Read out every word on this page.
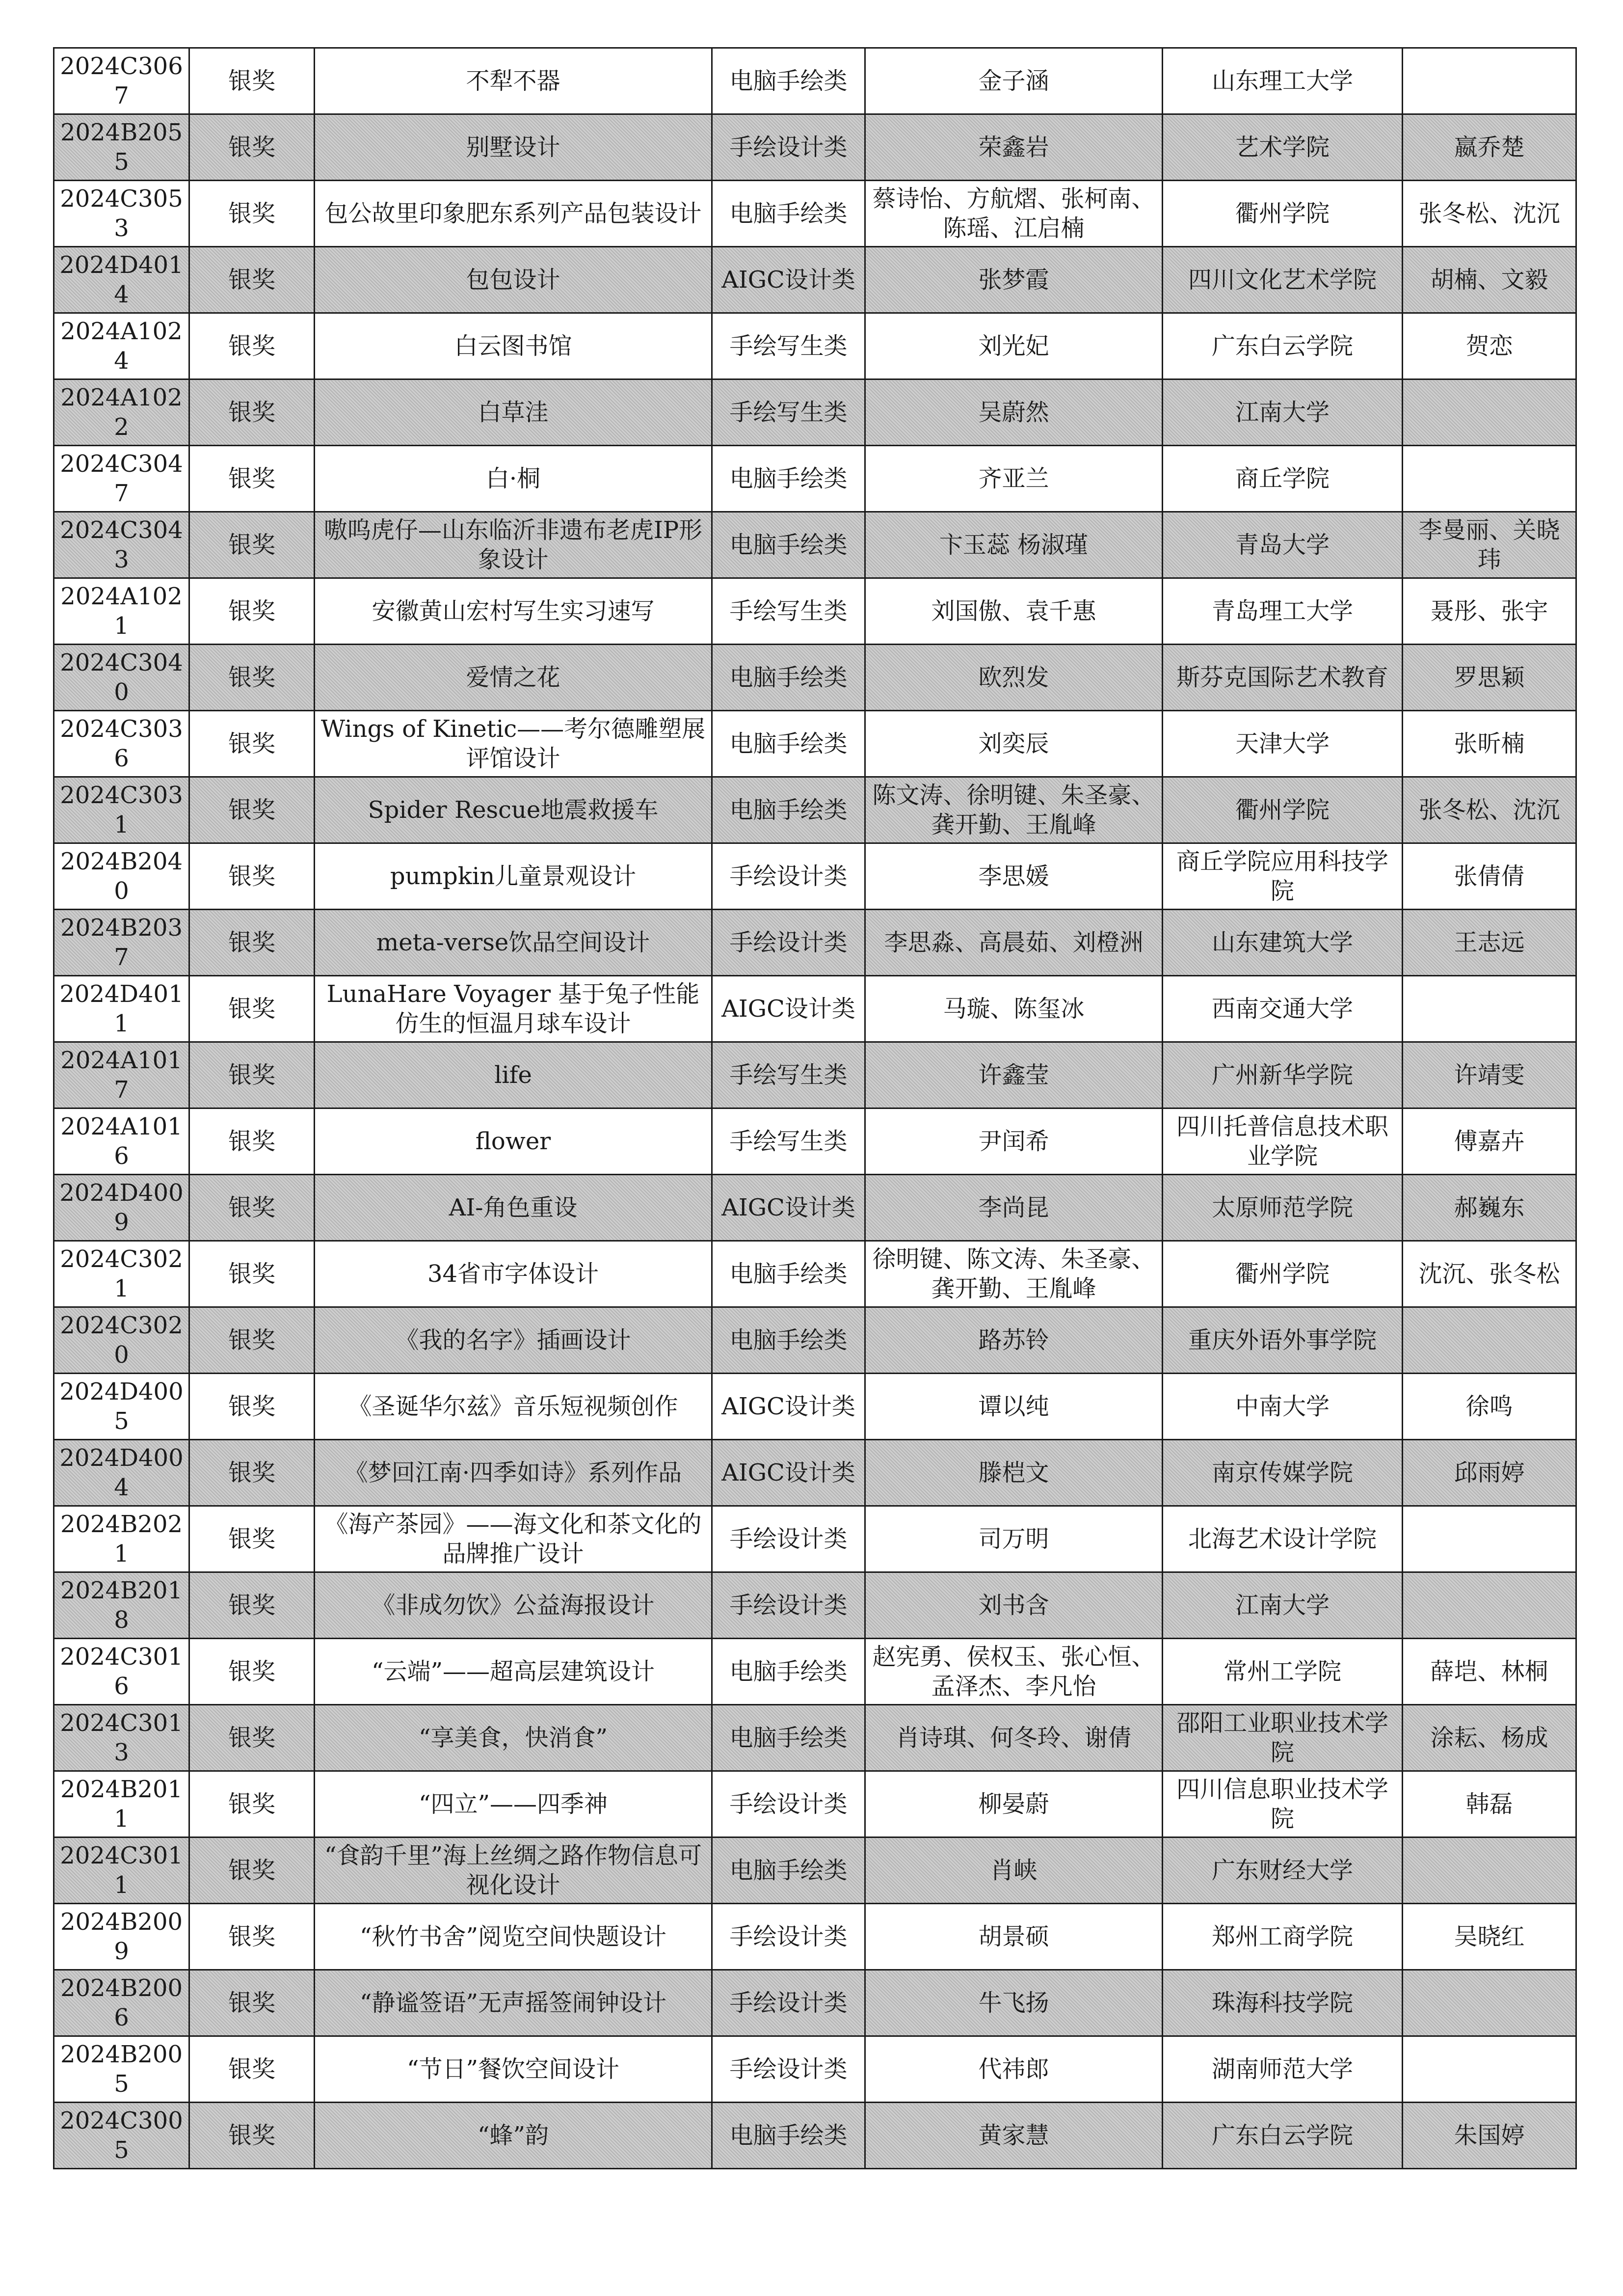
2024C3067	银奖	不犁不器	电脑手绘类	金子涵	山东理工大学	
2024B2055	银奖	别墅设计	手绘设计类	荣鑫岩	艺术学院	嬴乔楚
2024C3053	银奖	包公故里印象肥东系列产品包装设计	电脑手绘类	蔡诗怡、方航熠、张柯南、陈瑶、江启楠	衢州学院	张冬松、沈沉
2024D4014	银奖	包包设计	AIGC设计类	张梦霞	四川文化艺术学院	胡楠、文毅
2024A1024	银奖	白云图书馆	手绘写生类	刘光妃	广东白云学院	贺恋
2024A1022	银奖	白草洼	手绘写生类	吴蔚然	江南大学	
2024C3047	银奖	白·桐	电脑手绘类	齐亚兰	商丘学院	
2024C3043	银奖	嗷呜虎仔—山东临沂非遗布老虎IP形象设计	电脑手绘类	卞玉蕊 杨淑瑾	青岛大学	李曼丽、关晓玮
2024A1021	银奖	安徽黄山宏村写生实习速写	手绘写生类	刘国傲、袁千惠	青岛理工大学	聂彤、张宇
2024C3040	银奖	爱情之花	电脑手绘类	欧烈发	斯芬克国际艺术教育	罗思颖
2024C3036	银奖	Wings of Kinetic——考尔德雕塑展评馆设计	电脑手绘类	刘奕辰	天津大学	张昕楠
2024C3031	银奖	Spider Rescue地震救援车	电脑手绘类	陈文涛、徐明键、朱圣豪、龚开勤、王胤峰	衢州学院	张冬松、沈沉
2024B2040	银奖	pumpkin儿童景观设计	手绘设计类	李思媛	商丘学院应用科技学院	张倩倩
2024B2037	银奖	meta-verse饮品空间设计	手绘设计类	李思淼、高晨茹、刘橙洲	山东建筑大学	王志远
2024D4011	银奖	LunaHare Voyager 基于兔子性能仿生的恒温月球车设计	AIGC设计类	马璇、陈玺冰	西南交通大学	
2024A1017	银奖	life	手绘写生类	许鑫莹	广州新华学院	许靖雯
2024A1016	银奖	flower	手绘写生类	尹闰希	四川托普信息技术职业学院	傅嘉卉
2024D4009	银奖	AI-角色重设	AIGC设计类	李尚昆	太原师范学院	郝巍东
2024C3021	银奖	34省市字体设计	电脑手绘类	徐明键、陈文涛、朱圣豪、龚开勤、王胤峰	衢州学院	沈沉、张冬松
2024C3020	银奖	《我的名字》插画设计	电脑手绘类	路苏铃	重庆外语外事学院	
2024D4005	银奖	《圣诞华尔兹》音乐短视频创作	AIGC设计类	谭以纯	中南大学	徐鸣
2024D4004	银奖	《梦回江南·四季如诗》系列作品	AIGC设计类	滕桤文	南京传媒学院	邱雨婷
2024B2021	银奖	《海产茶园》——海文化和茶文化的品牌推广设计	手绘设计类	司万明	北海艺术设计学院	
2024B2018	银奖	《非成勿饮》公益海报设计	手绘设计类	刘书含	江南大学	
2024C3016	银奖	“云端”——超高层建筑设计	电脑手绘类	赵宪勇、侯权玉、张心恒、孟泽杰、李凡怡	常州工学院	薛垲、林桐
2024C3013	银奖	“享美食，快消食”	电脑手绘类	肖诗琪、何冬玲、谢倩	邵阳工业职业技术学院	涂耘、杨成
2024B2011	银奖	“四立”——四季神	手绘设计类	柳晏蔚	四川信息职业技术学院	韩磊
2024C3011	银奖	“食韵千里”海上丝绸之路作物信息可视化设计	电脑手绘类	肖峡	广东财经大学	
2024B2009	银奖	“秋竹书舍”阅览空间快题设计	手绘设计类	胡景硕	郑州工商学院	吴晓红
2024B2006	银奖	“静谧签语”无声摇签闹钟设计	手绘设计类	牛飞扬	珠海科技学院	
2024B2005	银奖	“节日”餐饮空间设计	手绘设计类	代祎郎	湖南师范大学	
2024C3005	银奖	“蜂”韵	电脑手绘类	黄家慧	广东白云学院	朱国婷
